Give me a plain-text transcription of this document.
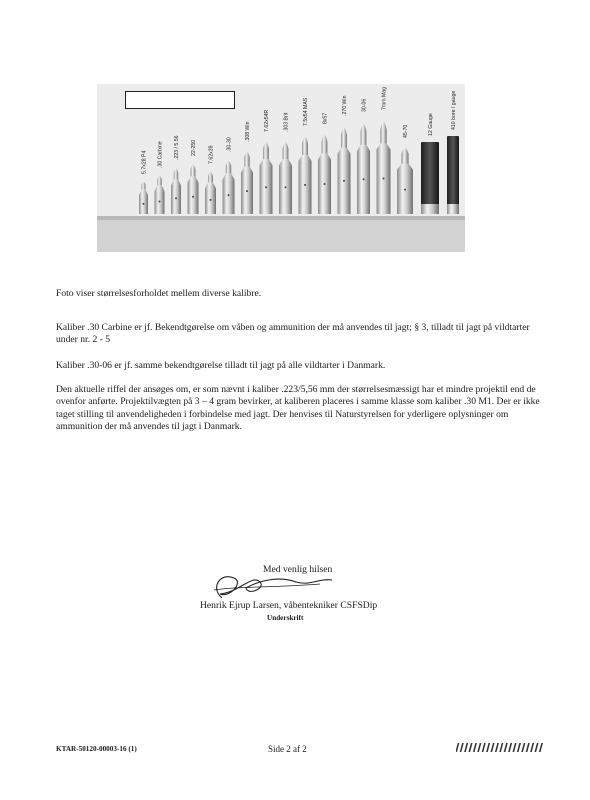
5.7x28 P4 .30 Carbine .223 / 5.56 22-250 7.62x39
.30-30
.308 Win	7.62x54R	.303 Brit	7.5x54 MAS	8x57
.270 Win	30-06	7mm Mag
45-70	12 Gauge	410 bore / gauge

Foto viser størrelsesforholdet mellem diverse kalibre.

Kaliber .30 Carbine er jf. Bekendtgørelse om våben og ammunition der må anvendes til jagt; § 3, tilladt til jagt på vildtarter under nr. 2 - 5

Kaliber .30-06 er jf. samme bekendtgørelse tilladt til jagt på alle vildtarter i Danmark.

Den aktuelle riffel der ansøges om, er som nævnt i kaliber .223/5,56 mm der størrelsesmæssigt har et mindre projektil end de ovenfor anførte. Projektilvægten på 3 – 4 gram bevirker, at kaliberen placeres i samme klasse som kaliber .30 M1. Der er ikke taget stilling til anvendeligheden i forbindelse med jagt. Der henvises til Naturstyrelsen for yderligere oplysninger om ammunition der må anvendes til jagt i Danmark.

Med venlig hilsen
Henrik Ejrup Larsen, våbentekniker CSFSDip
Underskrift
KTAR-50120-00003-16 (1)	Side 2 af 2
